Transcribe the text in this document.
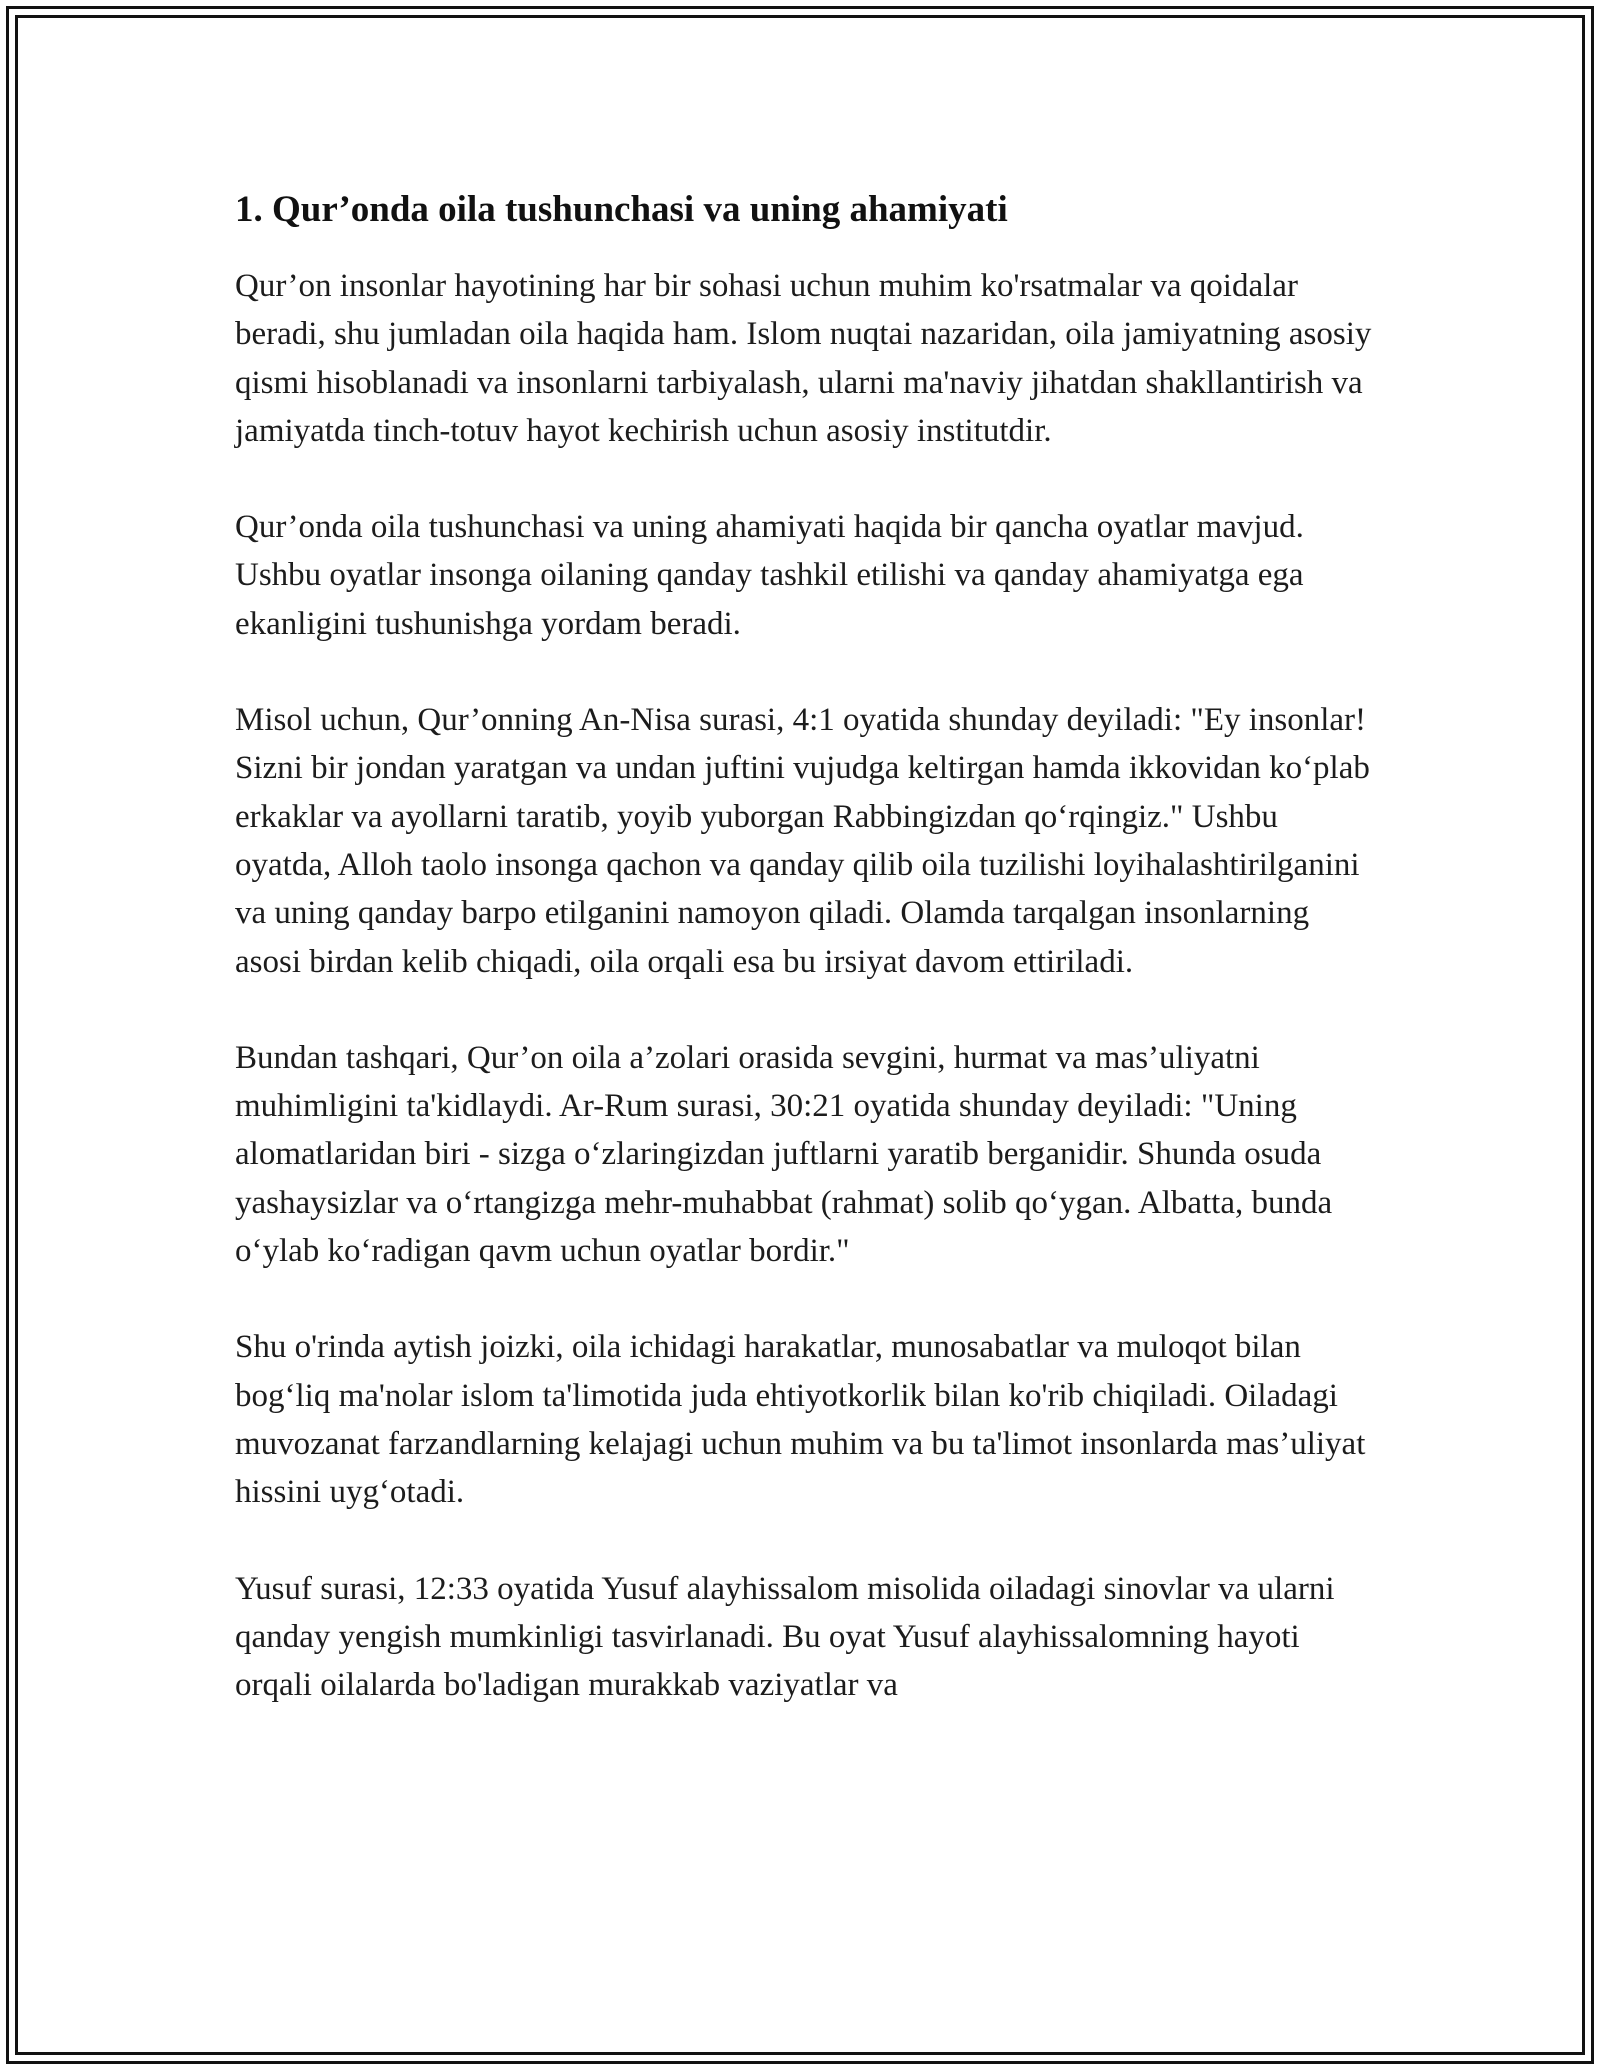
1. Qur’onda oila tushunchasi va uning ahamiyati

Qur’on insonlar hayotining har bir sohasi uchun muhim ko'rsatmalar va qoidalar beradi, shu jumladan oila haqida ham. Islom nuqtai nazaridan, oila jamiyatning asosiy qismi hisoblanadi va insonlarni tarbiyalash, ularni ma'naviy jihatdan shakllantirish va jamiyatda tinch-totuv hayot kechirish uchun asosiy institutdir.

Qur’onda oila tushunchasi va uning ahamiyati haqida bir qancha oyatlar mavjud. Ushbu oyatlar insonga oilaning qanday tashkil etilishi va qanday ahamiyatga ega ekanligini tushunishga yordam beradi.

Misol uchun, Qur’onning An-Nisa surasi, 4:1 oyatida shunday deyiladi: "Ey insonlar! Sizni bir jondan yaratgan va undan juftini vujudga keltirgan hamda ikkovidan ko‘plab erkaklar va ayollarni taratib, yoyib yuborgan Rabbingizdan qo‘rqingiz." Ushbu oyatda, Alloh taolo insonga qachon va qanday qilib oila tuzilishi loyihalashtirilganini va uning qanday barpo etilganini namoyon qiladi. Olamda tarqalgan insonlarning asosi birdan kelib chiqadi, oila orqali esa bu irsiyat davom ettiriladi.

Bundan tashqari, Qur’on oila a’zolari orasida sevgini, hurmat va mas’uliyatni muhimligini ta'kidlaydi. Ar-Rum surasi, 30:21 oyatida shunday deyiladi: "Uning alomatlaridan biri - sizga o‘zlaringizdan juftlarni yaratib berganidir. Shunda osuda yashaysizlar va o‘rtangizga mehr-muhabbat (rahmat) solib qo‘ygan. Albatta, bunda o‘ylab ko‘radigan qavm uchun oyatlar bordir."

Shu o'rinda aytish joizki, oila ichidagi harakatlar, munosabatlar va muloqot bilan bog‘liq ma'nolar islom ta'limotida juda ehtiyotkorlik bilan ko'rib chiqiladi. Oiladagi muvozanat farzandlarning kelajagi uchun muhim va bu ta'limot insonlarda mas’uliyat hissini uyg‘otadi.

Yusuf surasi, 12:33 oyatida Yusuf alayhissalom misolida oiladagi sinovlar va ularni qanday yengish mumkinligi tasvirlanadi. Bu oyat Yusuf alayhissalomning hayoti orqali oilalarda bo'ladigan murakkab vaziyatlar va
